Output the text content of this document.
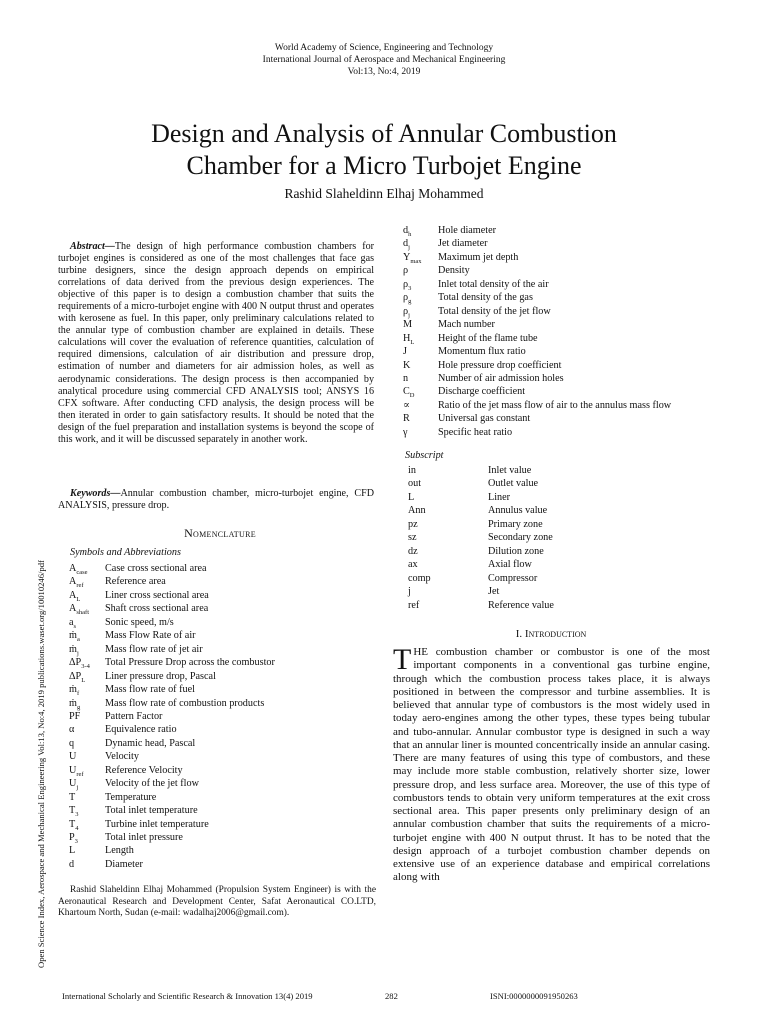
World Academy of Science, Engineering and Technology
International Journal of Aerospace and Mechanical Engineering
Vol:13, No:4, 2019
Design and Analysis of Annular Combustion
Chamber for a Micro Turbojet Engine
Rashid Slaheldinn Elhaj Mohammed
Open Science Index, Aerospace and Mechanical Engineering Vol:13, No:4, 2019 publications.waset.org/10010246/pdf
Abstract—The design of high performance combustion chambers for turbojet engines is considered as one of the most challenges that face gas turbine designers, since the design approach depends on empirical correlations of data derived from the previous design experiences. The objective of this paper is to design a combustion chamber that suits the requirements of a micro-turbojet engine with 400 N output thrust and operates with kerosene as fuel. In this paper, only preliminary calculations related to the annular type of combustion chamber are explained in details. These calculations will cover the evaluation of reference quantities, calculation of required dimensions, calculation of air distribution and pressure drop, estimation of number and diameters for air admission holes, as well as aerodynamic considerations. The design process is then accompanied by analytical procedure using commercial CFD ANALYSIS tool; ANSYS 16 CFX software. After conducting CFD analysis, the design process will be then iterated in order to gain satisfactory results. It should be noted that the design of the fuel preparation and installation systems is beyond the scope of this work, and it will be discussed separately in another work.
Keywords—Annular combustion chamber, micro-turbojet engine, CFD ANALYSIS, pressure drop.
Nomenclature
Symbols and Abbreviations
$A_{case}$ Case cross sectional area
$A_{ref}$ Reference area
$A_L$ Liner cross sectional area
$A_{shaft}$ Shaft cross sectional area
$a_s$	Sonic speed, m/s
ṁ$_a$ Mass Flow Rate of air
ṁ$_j$	Mass flow rate of jet air
$\Delta P_{3-4}$ Total Pressure Drop across the combustor
$\Delta P_L$ Liner pressure drop, Pascal
ṁ$_f$	Mass flow rate of fuel
ṁ$_g$ Mass flow rate of combustion products
PF Pattern Factor
α	Equivalence ratio
q	Dynamic head, Pascal
U	Velocity
$U_{ref}$ Reference Velocity
$U_j$	Velocity of the jet flow
T	Temperature
$T_3$	Total inlet temperature
$T_4$	Turbine inlet temperature
$P_3$	Total inlet pressure
L	Length
d	Diameter
$d_h$	Hole diameter
$d_j$	Jet diameter
$Y_{max}$ Maximum jet depth
ρ	Density
$\rho_3$	Inlet total density of the air
$\rho_g$	Total density of the gas
$\rho_j$	Total density of the jet flow
M	Mach number
$H_L$ Height of the flame tube
J	Momentum flux ratio
K	Hole pressure drop coefficient
n	Number of air admission holes
$C_D$ Discharge coefficient
∝	Ratio of the jet mass flow of air to the annulus mass flow
R	Universal gas constant
γ	Specific heat ratio
Subscript
in	Inlet value
out	Outlet value
L	Liner
Ann	Annulus value
pz	Primary zone
sz	Secondary zone
dz	Dilution zone
ax	Axial flow
comp	Compressor
j	Jet
ref	Reference value
Rashid Slaheldinn Elhaj Mohammed (Propulsion System Engineer) is with the Aeronautical Research and Development Center, Safat Aeronautical CO.LTD, Khartoum North, Sudan (e-mail: wadalhaj2006@gmail.com).
I. Introduction
THE combustion chamber or combustor is one of the most important components in a conventional gas turbine engine, through which the combustion process takes place, it is always positioned in between the compressor and turbine assemblies. It is believed that annular type of combustors is the most widely used in today aero-engines among the other types, these types being tubular and tubo-annular. Annular combustor type is designed in such a way that an annular liner is mounted concentrically inside an annular casing. There are many features of using this type of combustors, and these may include more stable combustion, relatively shorter size, lower pressure drop, and less surface area. Moreover, the use of this type of combustors tends to obtain very uniform temperatures at the exit cross sectional area. This paper presents only preliminary design of an annular combustion chamber that suits the requirements of a micro-turbojet engine with 400 N output thrust. It has to be noted that the design approach of a turbojet combustion chamber depends on extensive use of an experience database and empirical correlations along with
International Scholarly and Scientific Research & Innovation 13(4) 2019	282	ISNI:0000000091950263
